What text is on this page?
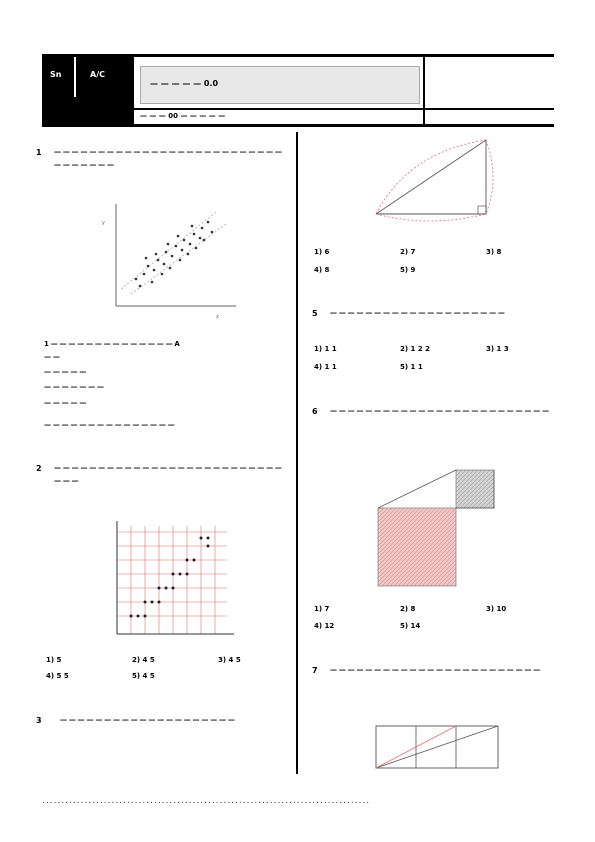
Sn	A/C
— — — — — 0.0
— — — 00 — — — — —
1 — — — — — — — — — — — — — — — — — — — — — — — — — — — — — — — — —
y
x
1 — — — — — — — — — — — — — — A
— —
— — — — —
— — — — — — —
— — — — —
— — — — — — — — — — — — — — —
2 — — — — — — — — — — — — — — — — — — — — — — — — — — — — —
1) 5	2) 4 5	3) 4 5
4) 5 5	5) 4 5
3	— — — — — — — — — — — — — — — — — — — —
1) 6	2) 7	3) 8
4) 8	5) 9
5 — — — — — — — — — — — — — — — — — — — —
1) 1 1	2) 1 2 2	3) 1 3
4) 1 1	5) 1 1
6 — — — — — — — — — — — — — — — — — — — — — — — — —
1) 7	2) 8	3) 10
4) 12	5) 14
7 — — — — — — — — — — — — — — — — — — — — — — — —
.....................................................................................
